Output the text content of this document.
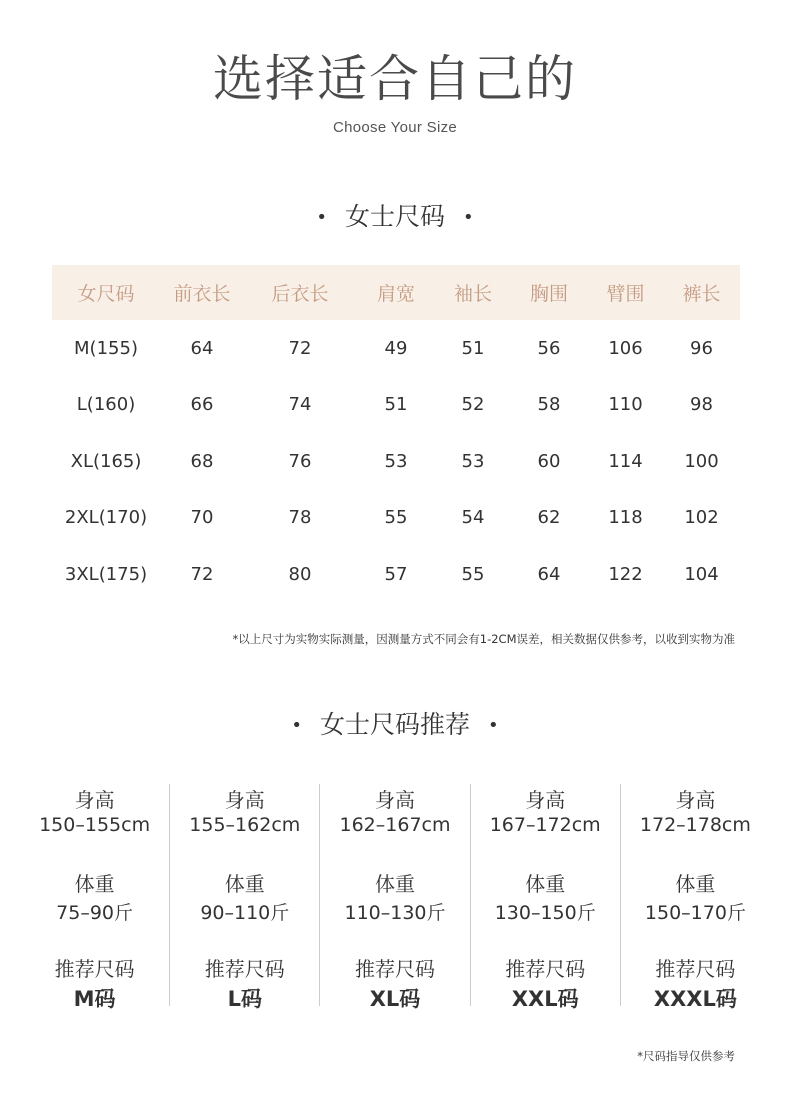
选择适合自己的
Choose Your Size
• 女士尺码 •
女尺码	前衣长	后衣长	肩宽	袖长	胸围	臂围	裤长
M(155)	64	72	49	51	56	106	96
L(160)	66	74	51	52	58	110	98
XL(165)	68	76	53	53	60	114	100
2XL(170)	70	78	55	54	62	118	102
3XL(175)	72	80	57	55	64	122	104
*以上尺寸为实物实际测量，因测量方式不同会有1-2CM误差，相关数据仅供参考，以收到实物为准
• 女士尺码推荐 •
身高
150–155cm
体重
75–90斤
推荐尺码
M码
身高
155–162cm
体重
90–110斤
推荐尺码
L码
身高
162–167cm
体重
110–130斤
推荐尺码
XL码
身高
167–172cm
体重
130–150斤
推荐尺码
XXL码
身高
172–178cm
体重
150–170斤
推荐尺码
XXXL码
*尺码指导仅供参考
